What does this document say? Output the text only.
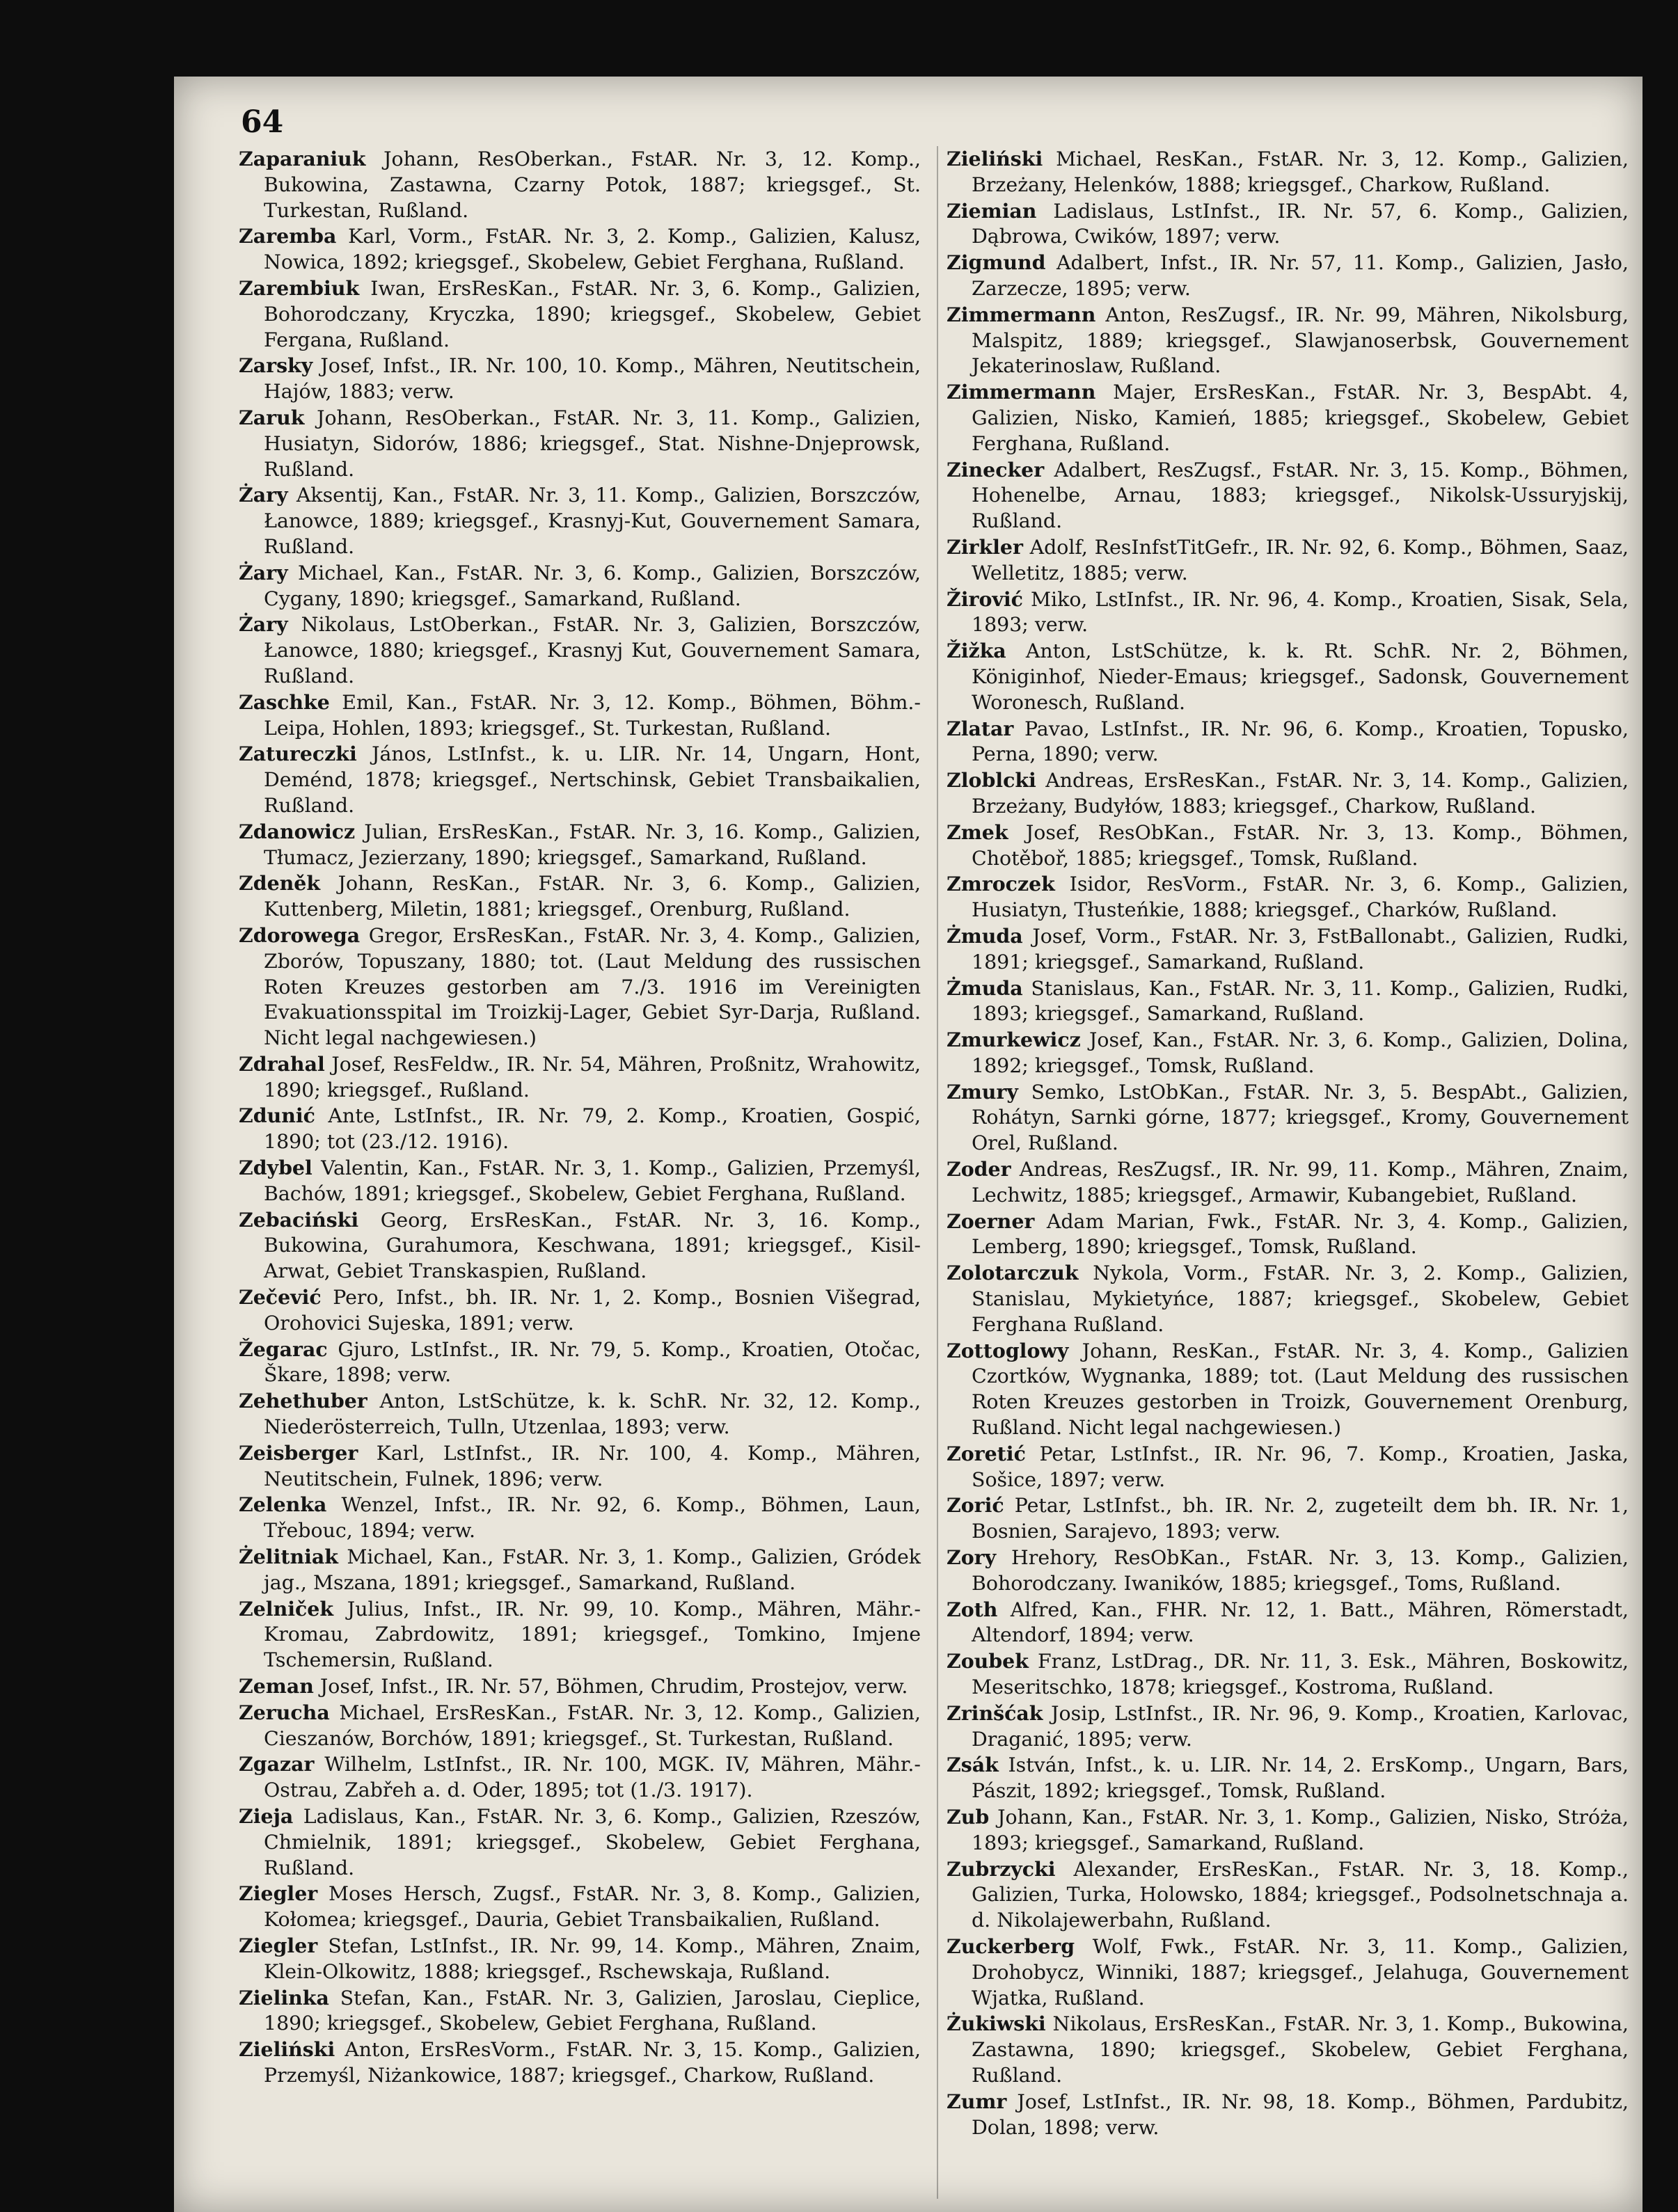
64

Zaparaniuk Johann, ResOberkan., FstAR. Nr. 3, 12. Komp., Bukowina, Zastawna, Czarny Potok, 1887; kriegsgef., St. Turkestan, Rußland.

Zaremba Karl, Vorm., FstAR. Nr. 3, 2. Komp., Galizien, Kalusz, Nowica, 1892; kriegsgef., Skobelew, Gebiet Ferghana, Rußland.

Zarembiuk Iwan, ErsResKan., FstAR. Nr. 3, 6. Komp., Galizien, Bohorodczany, Kryczka, 1890; kriegsgef., Skobelew, Gebiet Fergana, Rußland.

Zarsky Josef, Infst., IR. Nr. 100, 10. Komp., Mähren, Neutitschein, Hajów, 1883; verw.

Zaruk Johann, ResOberkan., FstAR. Nr. 3, 11. Komp., Galizien, Husiatyn, Sidorów, 1886; kriegsgef., Stat. Nishne-Dnjeprowsk, Rußland.

Żary Aksentij, Kan., FstAR. Nr. 3, 11. Komp., Galizien, Borszczów, Łanowce, 1889; kriegsgef., Krasnyj-Kut, Gouvernement Samara, Rußland.

Żary Michael, Kan., FstAR. Nr. 3, 6. Komp., Galizien, Borszczów, Cygany, 1890; kriegsgef., Samarkand, Rußland.

Żary Nikolaus, LstOberkan., FstAR. Nr. 3, Galizien, Borszczów, Łanowce, 1880; kriegsgef., Krasnyj Kut, Gouvernement Samara, Rußland.

Zaschke Emil, Kan., FstAR. Nr. 3, 12. Komp., Böhmen, Böhm.-Leipa, Hohlen, 1893; kriegsgef., St. Turkestan, Rußland.

Zatureczki János, LstInfst., k. u. LIR. Nr. 14, Ungarn, Hont, Deménd, 1878; kriegsgef., Nertschinsk, Gebiet Transbaikalien, Rußland.

Zdanowicz Julian, ErsResKan., FstAR. Nr. 3, 16. Komp., Galizien, Tłumacz, Jezierzany, 1890; kriegsgef., Samarkand, Rußland.

Zdeněk Johann, ResKan., FstAR. Nr. 3, 6. Komp., Galizien, Kuttenberg, Miletin, 1881; kriegsgef., Orenburg, Rußland.

Zdorowega Gregor, ErsResKan., FstAR. Nr. 3, 4. Komp., Galizien, Zborów, Topuszany, 1880; tot. (Laut Meldung des russischen Roten Kreuzes gestorben am 7./3. 1916 im Vereinigten Evakuationsspital im Troizkij-Lager, Gebiet Syr-Darja, Rußland. Nicht legal nachgewiesen.)

Zdrahal Josef, ResFeldw., IR. Nr. 54, Mähren, Proßnitz, Wrahowitz, 1890; kriegsgef., Rußland.

Zdunić Ante, LstInfst., IR. Nr. 79, 2. Komp., Kroatien, Gospić, 1890; tot (23./12. 1916).

Zdybel Valentin, Kan., FstAR. Nr. 3, 1. Komp., Galizien, Przemyśl, Bachów, 1891; kriegsgef., Skobelew, Gebiet Ferghana, Rußland.

Zebaciński Georg, ErsResKan., FstAR. Nr. 3, 16. Komp., Bukowina, Gurahumora, Keschwana, 1891; kriegsgef., Kisil-Arwat, Gebiet Transkaspien, Rußland.

Zečević Pero, Infst., bh. IR. Nr. 1, 2. Komp., Bosnien Višegrad, Orohovici Sujeska, 1891; verw.

Žegarac Gjuro, LstInfst., IR. Nr. 79, 5. Komp., Kroatien, Otočac, Škare, 1898; verw.

Zehethuber Anton, LstSchütze, k. k. SchR. Nr. 32, 12. Komp., Niederösterreich, Tulln, Utzenlaa, 1893; verw.

Zeisberger Karl, LstInfst., IR. Nr. 100, 4. Komp., Mähren, Neutitschein, Fulnek, 1896; verw.

Zelenka Wenzel, Infst., IR. Nr. 92, 6. Komp., Böhmen, Laun, Třebouc, 1894; verw.

Żelitniak Michael, Kan., FstAR. Nr. 3, 1. Komp., Galizien, Gródek jag., Mszana, 1891; kriegsgef., Samarkand, Rußland.

Zelniček Julius, Infst., IR. Nr. 99, 10. Komp., Mähren, Mähr.-Kromau, Zabrdowitz, 1891; kriegsgef., Tomkino, Imjene Tschemersin, Rußland.

Zeman Josef, Infst., IR. Nr. 57, Böhmen, Chrudim, Prostejov, verw.

Zerucha Michael, ErsResKan., FstAR. Nr. 3, 12. Komp., Galizien, Cieszanów, Borchów, 1891; kriegsgef., St. Turkestan, Rußland.

Zgazar Wilhelm, LstInfst., IR. Nr. 100, MGK. IV, Mähren, Mähr.-Ostrau, Zabřeh a. d. Oder, 1895; tot (1./3. 1917).

Zieja Ladislaus, Kan., FstAR. Nr. 3, 6. Komp., Galizien, Rzeszów, Chmielnik, 1891; kriegsgef., Skobelew, Gebiet Ferghana, Rußland.

Ziegler Moses Hersch, Zugsf., FstAR. Nr. 3, 8. Komp., Galizien, Kołomea; kriegsgef., Dauria, Gebiet Transbaikalien, Rußland.

Ziegler Stefan, LstInfst., IR. Nr. 99, 14. Komp., Mähren, Znaim, Klein-Olkowitz, 1888; kriegsgef., Rschewskaja, Rußland.

Zielinka Stefan, Kan., FstAR. Nr. 3, Galizien, Jaroslau, Cieplice, 1890; kriegsgef., Skobelew, Gebiet Ferghana, Rußland.

Zieliński Anton, ErsResVorm., FstAR. Nr. 3, 15. Komp., Galizien, Przemyśl, Niżankowice, 1887; kriegsgef., Charkow, Rußland.

Zieliński Michael, ResKan., FstAR. Nr. 3, 12. Komp., Galizien, Brzeżany, Helenków, 1888; kriegsgef., Charkow, Rußland.

Ziemian Ladislaus, LstInfst., IR. Nr. 57, 6. Komp., Galizien, Dąbrowa, Cwików, 1897; verw.

Zigmund Adalbert, Infst., IR. Nr. 57, 11. Komp., Galizien, Jasło, Zarzecze, 1895; verw.

Zimmermann Anton, ResZugsf., IR. Nr. 99, Mähren, Nikolsburg, Malspitz, 1889; kriegsgef., Slawjanoserbsk, Gouvernement Jekaterinoslaw, Rußland.

Zimmermann Majer, ErsResKan., FstAR. Nr. 3, BespAbt. 4, Galizien, Nisko, Kamień, 1885; kriegsgef., Skobelew, Gebiet Ferghana, Rußland.

Zinecker Adalbert, ResZugsf., FstAR. Nr. 3, 15. Komp., Böhmen, Hohenelbe, Arnau, 1883; kriegsgef., Nikolsk-Ussuryjskij, Rußland.

Zirkler Adolf, ResInfstTitGefr., IR. Nr. 92, 6. Komp., Böhmen, Saaz, Welletitz, 1885; verw.

Žirović Miko, LstInfst., IR. Nr. 96, 4. Komp., Kroatien, Sisak, Sela, 1893; verw.

Žižka Anton, LstSchütze, k. k. Rt. SchR. Nr. 2, Böhmen, Königinhof, Nieder-Emaus; kriegsgef., Sadonsk, Gouvernement Woronesch, Rußland.

Zlatar Pavao, LstInfst., IR. Nr. 96, 6. Komp., Kroatien, Topusko, Perna, 1890; verw.

Zloblcki Andreas, ErsResKan., FstAR. Nr. 3, 14. Komp., Galizien, Brzeżany, Budyłów, 1883; kriegsgef., Charkow, Rußland.

Zmek Josef, ResObKan., FstAR. Nr. 3, 13. Komp., Böhmen, Chotěboř, 1885; kriegsgef., Tomsk, Rußland.

Zmroczek Isidor, ResVorm., FstAR. Nr. 3, 6. Komp., Galizien, Husiatyn, Tłusteńkie, 1888; kriegsgef., Charków, Rußland.

Żmuda Josef, Vorm., FstAR. Nr. 3, FstBallonabt., Galizien, Rudki, 1891; kriegsgef., Samarkand, Rußland.

Żmuda Stanislaus, Kan., FstAR. Nr. 3, 11. Komp., Galizien, Rudki, 1893; kriegsgef., Samarkand, Rußland.

Zmurkewicz Josef, Kan., FstAR. Nr. 3, 6. Komp., Galizien, Dolina, 1892; kriegsgef., Tomsk, Rußland.

Zmury Semko, LstObKan., FstAR. Nr. 3, 5. BespAbt., Galizien, Rohátyn, Sarnki górne, 1877; kriegsgef., Kromy, Gouvernement Orel, Rußland.

Zoder Andreas, ResZugsf., IR. Nr. 99, 11. Komp., Mähren, Znaim, Lechwitz, 1885; kriegsgef., Armawir, Kubangebiet, Rußland.

Zoerner Adam Marian, Fwk., FstAR. Nr. 3, 4. Komp., Galizien, Lemberg, 1890; kriegsgef., Tomsk, Rußland.

Zolotarczuk Nykola, Vorm., FstAR. Nr. 3, 2. Komp., Galizien, Stanislau, Mykietyńce, 1887; kriegsgef., Skobelew, Gebiet Ferghana Rußland.

Zottoglowy Johann, ResKan., FstAR. Nr. 3, 4. Komp., Galizien Czortków, Wygnanka, 1889; tot. (Laut Meldung des russischen Roten Kreuzes gestorben in Troizk, Gouvernement Orenburg, Rußland. Nicht legal nachgewiesen.)

Zoretić Petar, LstInfst., IR. Nr. 96, 7. Komp., Kroatien, Jaska, Sošice, 1897; verw.

Zorić Petar, LstInfst., bh. IR. Nr. 2, zugeteilt dem bh. IR. Nr. 1, Bosnien, Sarajevo, 1893; verw.

Zory Hrehory, ResObKan., FstAR. Nr. 3, 13. Komp., Galizien, Bohorodczany. Iwaników, 1885; kriegsgef., Toms, Rußland.

Zoth Alfred, Kan., FHR. Nr. 12, 1. Batt., Mähren, Römerstadt, Altendorf, 1894; verw.

Zoubek Franz, LstDrag., DR. Nr. 11, 3. Esk., Mähren, Boskowitz, Meseritschko, 1878; kriegsgef., Kostroma, Rußland.

Zrinšćak Josip, LstInfst., IR. Nr. 96, 9. Komp., Kroatien, Karlovac, Draganić, 1895; verw.

Zsák István, Infst., k. u. LIR. Nr. 14, 2. ErsKomp., Ungarn, Bars, Pászit, 1892; kriegsgef., Tomsk, Rußland.

Zub Johann, Kan., FstAR. Nr. 3, 1. Komp., Galizien, Nisko, Stróża, 1893; kriegsgef., Samarkand, Rußland.

Zubrzycki Alexander, ErsResKan., FstAR. Nr. 3, 18. Komp., Galizien, Turka, Holowsko, 1884; kriegsgef., Podsolnetschnaja a. d. Nikolajewerbahn, Rußland.

Zuckerberg Wolf, Fwk., FstAR. Nr. 3, 11. Komp., Galizien, Drohobycz, Winniki, 1887; kriegsgef., Jelahuga, Gouvernement Wjatka, Rußland.

Żukiwski Nikolaus, ErsResKan., FstAR. Nr. 3, 1. Komp., Bukowina, Zastawna, 1890; kriegsgef., Skobelew, Gebiet Ferghana, Rußland.

Zumr Josef, LstInfst., IR. Nr. 98, 18. Komp., Böhmen, Pardubitz, Dolan, 1898; verw.
